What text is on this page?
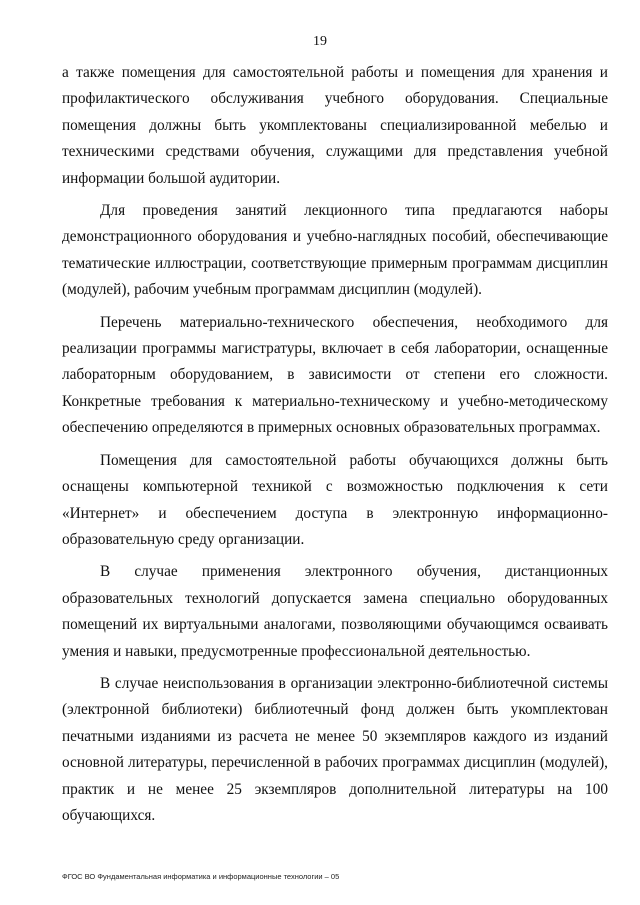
19

а также помещения для самостоятельной работы и помещения для хранения и профилактического обслуживания учебного оборудования. Специальные помещения должны быть укомплектованы специализированной мебелью и техническими средствами обучения, служащими для представления учебной информации большой аудитории.

Для проведения занятий лекционного типа предлагаются наборы демонстрационного оборудования и учебно-наглядных пособий, обеспечивающие тематические иллюстрации, соответствующие примерным программам дисциплин (модулей), рабочим учебным программам дисциплин (модулей).

Перечень материально-технического обеспечения, необходимого для реализации программы магистратуры, включает в себя лаборатории, оснащенные лабораторным оборудованием, в зависимости от степени его сложности. Конкретные требования к материально-техническому и учебно-методическому обеспечению определяются в примерных основных образовательных программах.

Помещения для самостоятельной работы обучающихся должны быть оснащены компьютерной техникой с возможностью подключения к сети «Интернет» и обеспечением доступа в электронную информационно-образовательную среду организации.

В случае применения электронного обучения, дистанционных образовательных технологий допускается замена специально оборудованных помещений их виртуальными аналогами, позволяющими обучающимся осваивать умения и навыки, предусмотренные профессиональной деятельностью.

В случае неиспользования в организации электронно-библиотечной системы (электронной библиотеки) библиотечный фонд должен быть укомплектован печатными изданиями из расчета не менее 50 экземпляров каждого из изданий основной литературы, перечисленной в рабочих программах дисциплин (модулей), практик и не менее 25 экземпляров дополнительной литературы на 100 обучающихся.

ФГОС ВО Фундаментальная информатика и информационные технологии – 05
